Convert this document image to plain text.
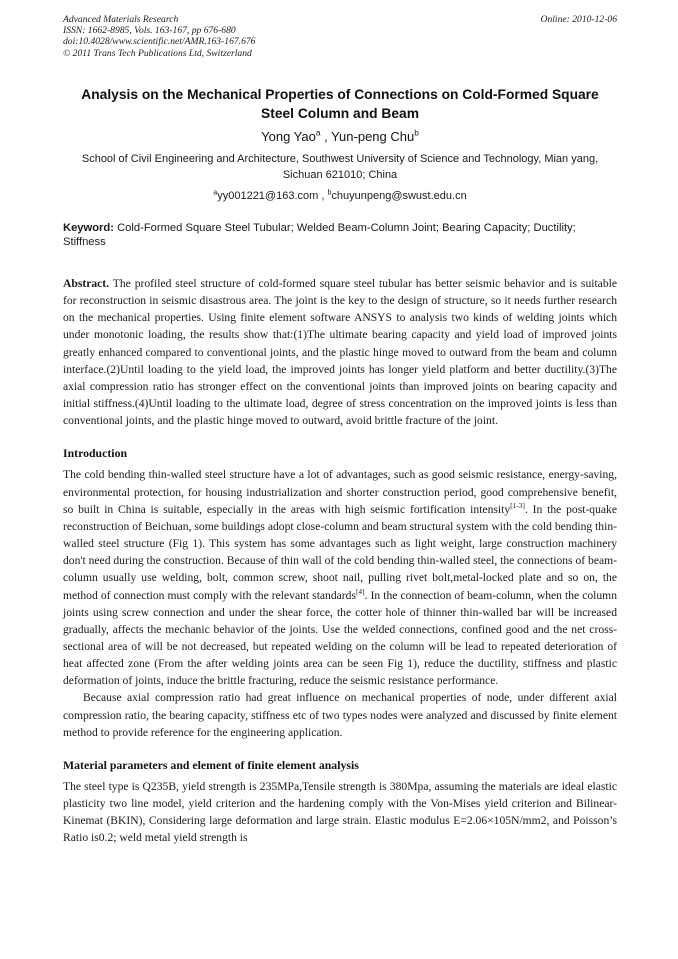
Advanced Materials Research	Online: 2010-12-06
ISSN: 1662-8985, Vols. 163-167, pp 676-680
doi:10.4028/www.scientific.net/AMR.163-167.676
© 2011 Trans Tech Publications Ltd, Switzerland
Analysis on the Mechanical Properties of Connections on Cold-Formed Square Steel Column and Beam
Yong Yao$^a$ , Yun-peng Chu$^b$
School of Civil Engineering and Architecture, Southwest University of Science and Technology, Mian yang, Sichuan 621010; China
$^a$yy001221@163.com , $^b$chuyunpeng@swust.edu.cn
Keyword: Cold-Formed Square Steel Tubular; Welded Beam-Column Joint; Bearing Capacity; Ductility; Stiffness
Abstract. The profiled steel structure of cold-formed square steel tubular has better seismic behavior and is suitable for reconstruction in seismic disastrous area. The joint is the key to the design of structure, so it needs further research on the mechanical properties. Using finite element software ANSYS to analysis two kinds of welding joints which under monotonic loading, the results show that:(1)The ultimate bearing capacity and yield load of improved joints greatly enhanced compared to conventional joints, and the plastic hinge moved to outward from the beam and column interface.(2)Until loading to the yield load, the improved joints has longer yield platform and better ductility.(3)The axial compression ratio has stronger effect on the conventional joints than improved joints on bearing capacity and initial stiffness.(4)Until loading to the ultimate load, degree of stress concentration on the improved joints is less than conventional joints, and the plastic hinge moved to outward, avoid brittle fracture of the joint.
Introduction

The cold bending thin-walled steel structure have a lot of advantages, such as good seismic resistance, energy-saving, environmental protection, for housing industrialization and shorter construction period, good comprehensive benefit, so built in China is suitable, especially in the areas with high seismic fortification intensity[1-3]. In the post-quake reconstruction of Beichuan, some buildings adopt close-column and beam structural system with the cold bending thin-walled steel structure (Fig 1). This system has some advantages such as light weight, large construction machinery don't need during the construction. Because of thin wall of the cold bending thin-walled steel, the connections of beam-column usually use welding, bolt, common screw, shoot nail, pulling rivet bolt,metal-locked plate and so on, the method of connection must comply with the relevant standards[4]. In the connection of beam-column, when the column joints using screw connection and under the shear force, the cotter hole of thinner thin-walled bar will be increased gradually, affects the mechanic behavior of the joints. Use the welded connections, confined good and the net cross-sectional area of will be not decreased, but repeated welding on the column will be lead to repeated deterioration of heat affected zone (From the after welding joints area can be seen Fig 1), reduce the ductility, stiffness and plastic deformation of joints, induce the brittle fracturing, reduce the seismic resistance performance.

Because axial compression ratio had great influence on mechanical properties of node, under different axial compression ratio, the bearing capacity, stiffness etc of two types nodes were analyzed and discussed by finite element method to provide reference for the engineering application.

Material parameters and element of finite element analysis

The steel type is Q235B, yield strength is 235MPa,Tensile strength is 380Mpa, assuming the materials are ideal elastic plasticity two line model, yield criterion and the hardening comply with the Von-Mises yield criterion and Bilinear-Kinemat (BKIN), Considering large deformation and large strain. Elastic modulus E=2.06×105N/mm2, and Poisson’s Ratio is0.2; weld metal yield strength is
